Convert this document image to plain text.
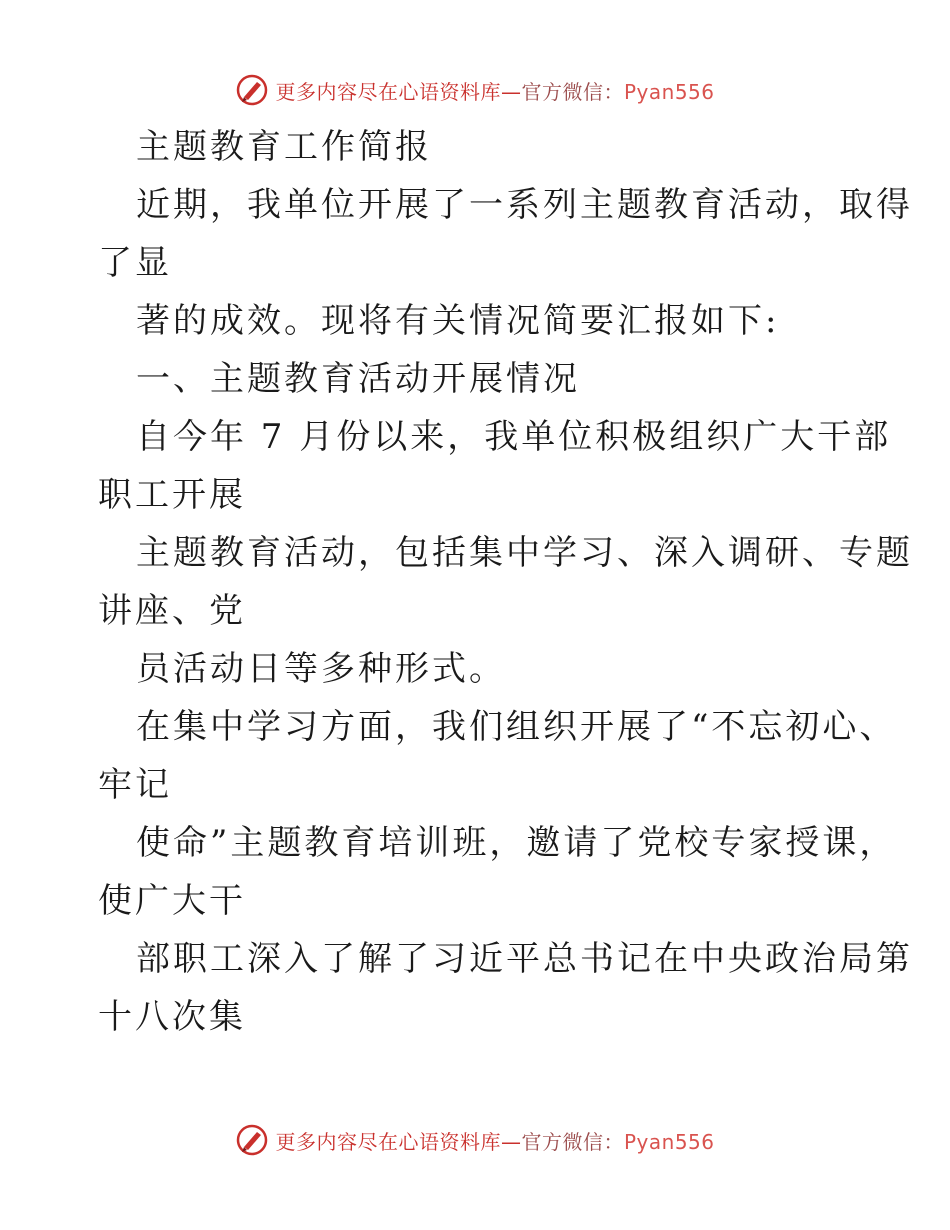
更多内容尽在心语资料库—官方微信：Pyan556
主题教育工作简报
近期，我单位开展了一系列主题教育活动，取得
了显
著的成效。现将有关情况简要汇报如下:
一、主题教育活动开展情况
自今年 7 月份以来，我单位积极组织广大干部
职工开展
主题教育活动，包括集中学习、深入调研、专题
讲座、党
员活动日等多种形式。
在集中学习方面，我们组织开展了“不忘初心、
牢记
使命”主题教育培训班，邀请了党校专家授课，
使广大干
部职工深入了解了习近平总书记在中央政治局第
十八次集
更多内容尽在心语资料库—官方微信：Pyan556
